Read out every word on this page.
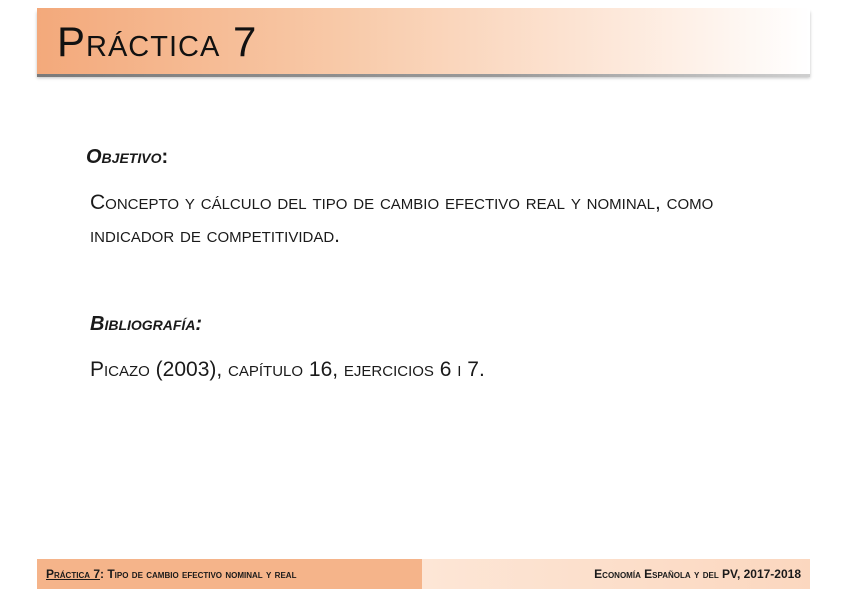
Práctica 7
Objetivo:

Concepto y cálculo del tipo de cambio efectivo real y nominal, como indicador de competitividad.

Bibliografía:

Picazo (2003), capítulo 16, ejercicios 6 i 7.

Práctica 7: Tipo de cambio efectivo nominal y real	Economía Española y del PV, 2017-2018
